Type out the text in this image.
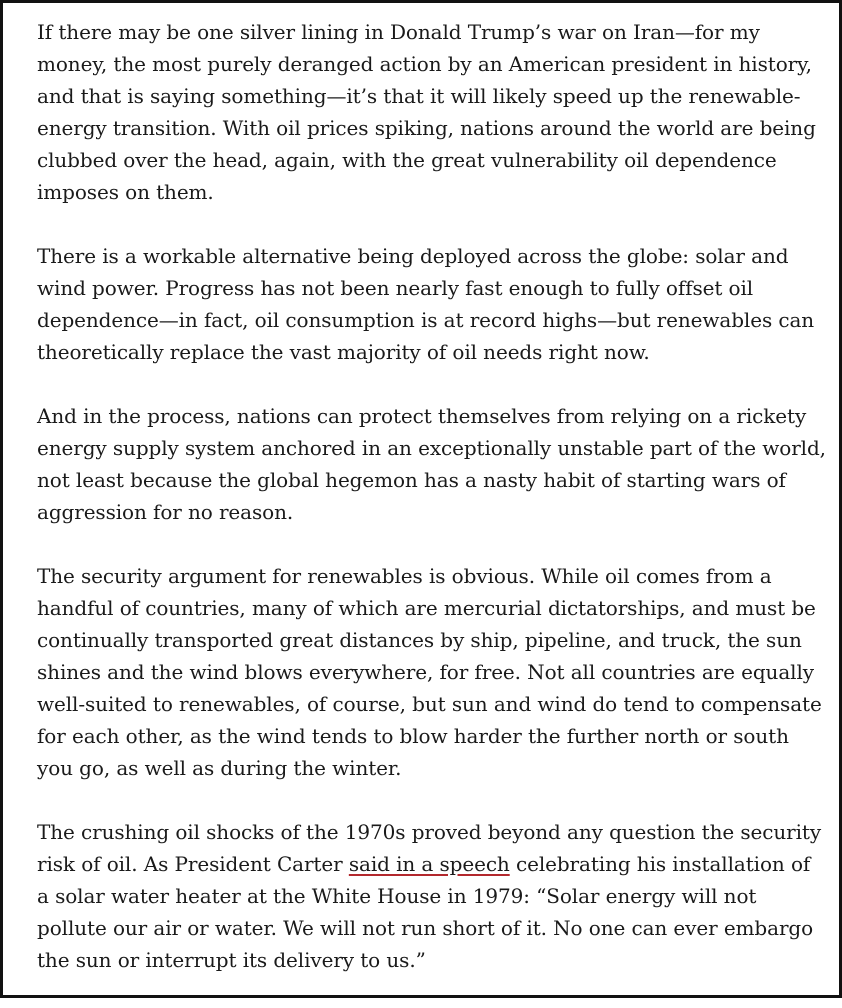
If there may be one silver lining in Donald Trump’s war on Iran—for my money, the most purely deranged action by an American president in history, and that is saying something—it’s that it will likely speed up the renewable-energy transition. With oil prices spiking, nations around the world are being clubbed over the head, again, with the great vulnerability oil dependence imposes on them.

There is a workable alternative being deployed across the globe: solar and wind power. Progress has not been nearly fast enough to fully offset oil dependence—in fact, oil consumption is at record highs—but renewables can theoretically replace the vast majority of oil needs right now.

And in the process, nations can protect themselves from relying on a rickety energy supply system anchored in an exceptionally unstable part of the world, not least because the global hegemon has a nasty habit of starting wars of aggression for no reason.

The security argument for renewables is obvious. While oil comes from a handful of countries, many of which are mercurial dictatorships, and must be continually transported great distances by ship, pipeline, and truck, the sun shines and the wind blows everywhere, for free. Not all countries are equally well-suited to renewables, of course, but sun and wind do tend to compensate for each other, as the wind tends to blow harder the further north or south you go, as well as during the winter.

The crushing oil shocks of the 1970s proved beyond any question the security risk of oil. As President Carter said in a speech celebrating his installation of a solar water heater at the White House in 1979: “Solar energy will not pollute our air or water. We will not run short of it. No one can ever embargo the sun or interrupt its delivery to us.”
